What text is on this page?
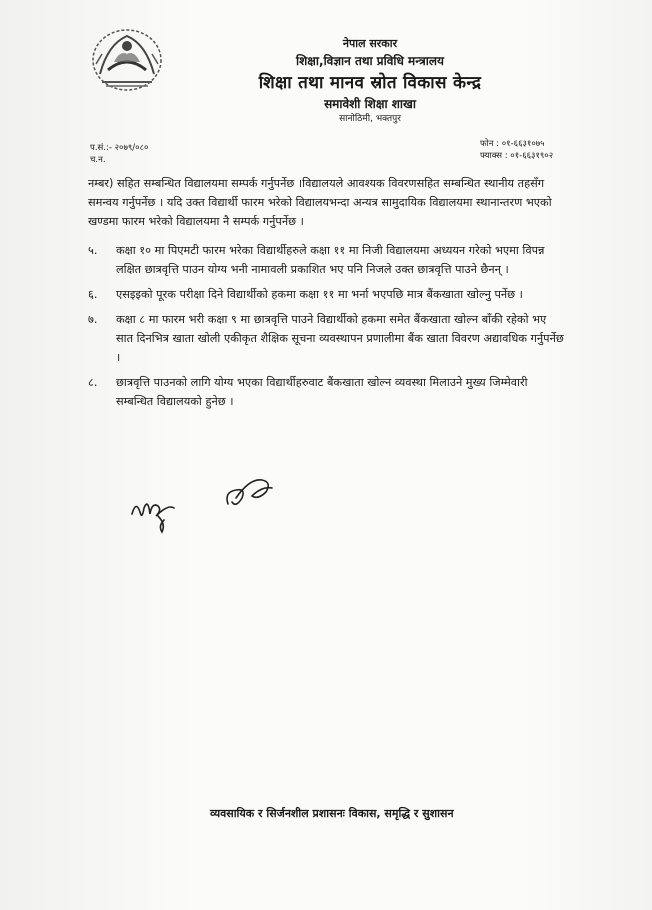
नेपाल सरकार
शिक्षा,विज्ञान तथा प्रविधि मन्त्रालय
शिक्षा तथा मानव स्रोत विकास केन्द्र
समावेशी शिक्षा शाखा
सानोठिमी, भक्तपुर
प.सं.:- २०७९/०८०
च.न.
फोन : ०१-६६३१०७५
फ्याक्स : ०१-६६३१९०२

नम्बर) सहित सम्बन्धित विद्यालयमा सम्पर्क गर्नुपर्नेछ ।विद्यालयले आवश्यक विवरणसहित सम्बन्धित स्थानीय तहसँग समन्वय गर्नुपर्नेछ । यदि उक्त विद्यार्थी फारम भरेको विद्यालयभन्दा अन्यत्र सामुदायिक विद्यालयमा स्थानान्तरण भएको खण्डमा फारम भरेको विद्यालयमा नै सम्पर्क गर्नुपर्नेछ ।

५. कक्षा १० मा पिएमटी फारम भरेका विद्यार्थीहरुले कक्षा ११ मा निजी विद्यालयमा अध्ययन गरेको भएमा विपन्न लक्षित छात्रवृत्ति पाउन योग्य भनी नामावली प्रकाशित भए पनि निजले उक्त छात्रवृत्ति पाउने छैनन् ।
६. एसइइको पूरक परीक्षा दिने विद्यार्थीको हकमा कक्षा ११ मा भर्ना भएपछि मात्र बैंकखाता खोल्नु पर्नेछ ।
७. कक्षा ८ मा फारम भरी कक्षा ९ मा छात्रवृत्ति पाउने विद्यार्थीको हकमा समेत बैंकखाता खोल्न बाँकी रहेको भए सात दिनभित्र खाता खोली एकीकृत शैक्षिक सूचना व्यवस्थापन प्रणालीमा बैंक खाता विवरण अद्यावधिक गर्नुपर्नेछ ।
८. छात्रवृत्ति पाउनको लागि योग्य भएका विद्यार्थीहरुवाट बैंकखाता खोल्न व्यवस्था मिलाउने मुख्य जिम्मेवारी सम्बन्धित विद्यालयको हुनेछ ।
व्यवसायिक र सिर्जनशील प्रशासनः विकास, समृद्धि र सुशासन
